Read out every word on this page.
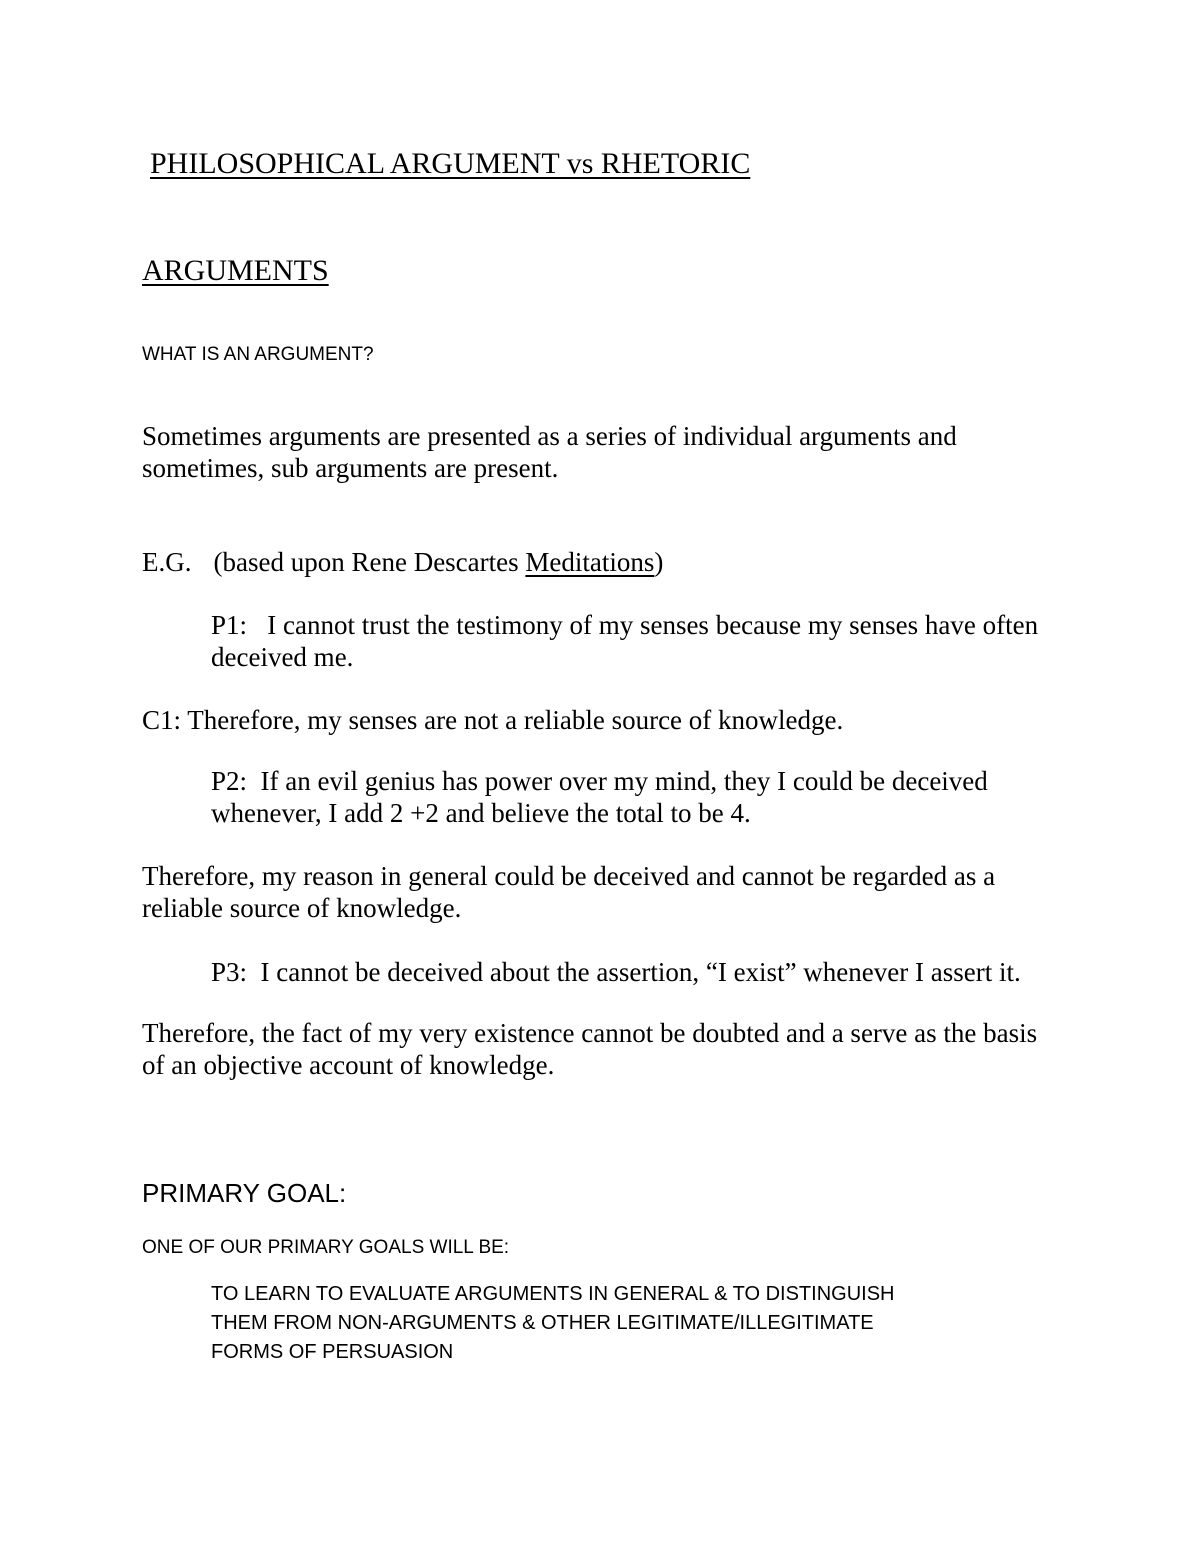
PHILOSOPHICAL ARGUMENT vs RHETORIC
ARGUMENTS
WHAT IS AN ARGUMENT?
Sometimes arguments are presented as a series of individual arguments and
sometimes, sub arguments are present.
E.G. (based upon Rene Descartes Meditations)
P1:   I cannot trust the testimony of my senses because my senses have often
deceived me.
C1: Therefore, my senses are not a reliable source of knowledge.
P2:  If an evil genius has power over my mind, they I could be deceived
whenever, I add 2 +2 and believe the total to be 4.
Therefore, my reason in general could be deceived and cannot be regarded as a
reliable source of knowledge.
P3:  I cannot be deceived about the assertion, “I exist” whenever I assert it.
Therefore, the fact of my very existence cannot be doubted and a serve as the basis
of an objective account of knowledge.
PRIMARY GOAL:
ONE OF OUR PRIMARY GOALS WILL BE:
TO LEARN TO EVALUATE ARGUMENTS IN GENERAL & TO DISTINGUISH
THEM FROM NON-ARGUMENTS & OTHER LEGITIMATE/ILLEGITIMATE
FORMS OF PERSUASION
